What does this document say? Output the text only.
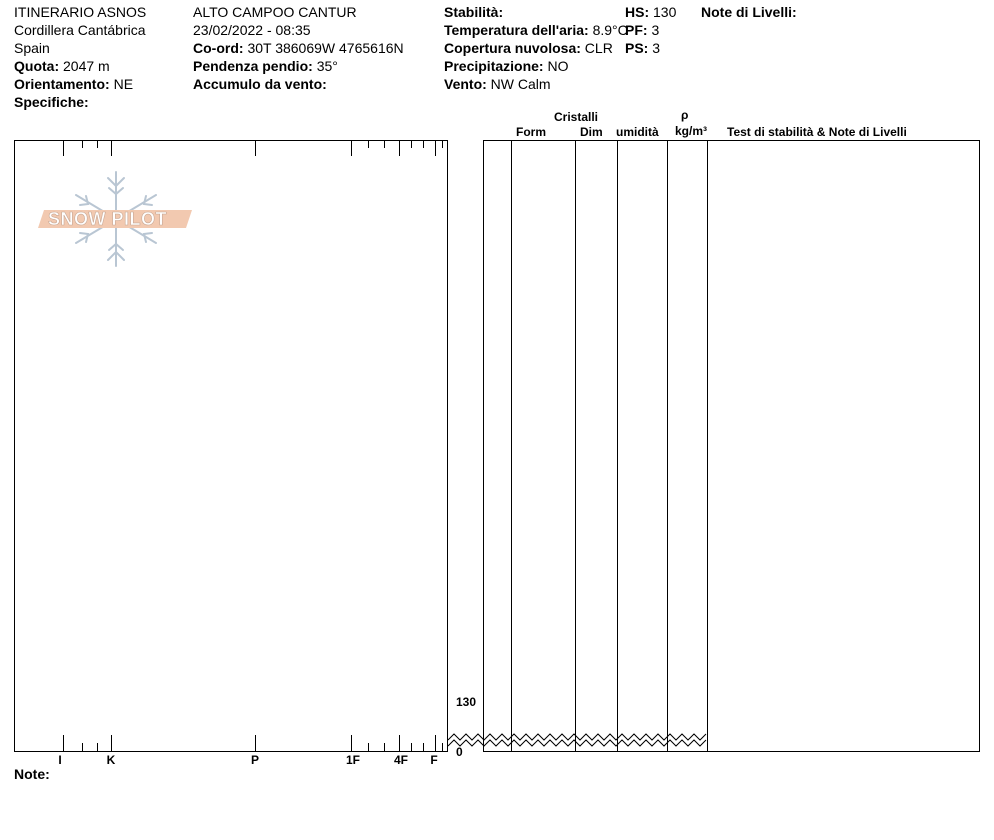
ITINERARIO ASNOS
Cordillera Cantábrica
Spain
Quota: 2047 m
Orientamento: NE
Specifiche:
ALTO CAMPOO CANTUR
23/02/2022 - 08:35
Co-ord: 30T 386069W 4765616N
Pendenza pendio: 35°
Accumulo da vento:
Stabilità:
Temperatura dell'aria: 8.9°C
Copertura nuvolosa: CLR
Precipitazione: NO
Vento: NW Calm
HS: 130
PF: 3
PS: 3
Note di Livelli:
Cristalli
Form	Dim umidità
ρ
kg/m³ Test di stabilità & Note di Livelli
I	K	P	1F	4F F
SNOW PILOT
130
0
Note:
